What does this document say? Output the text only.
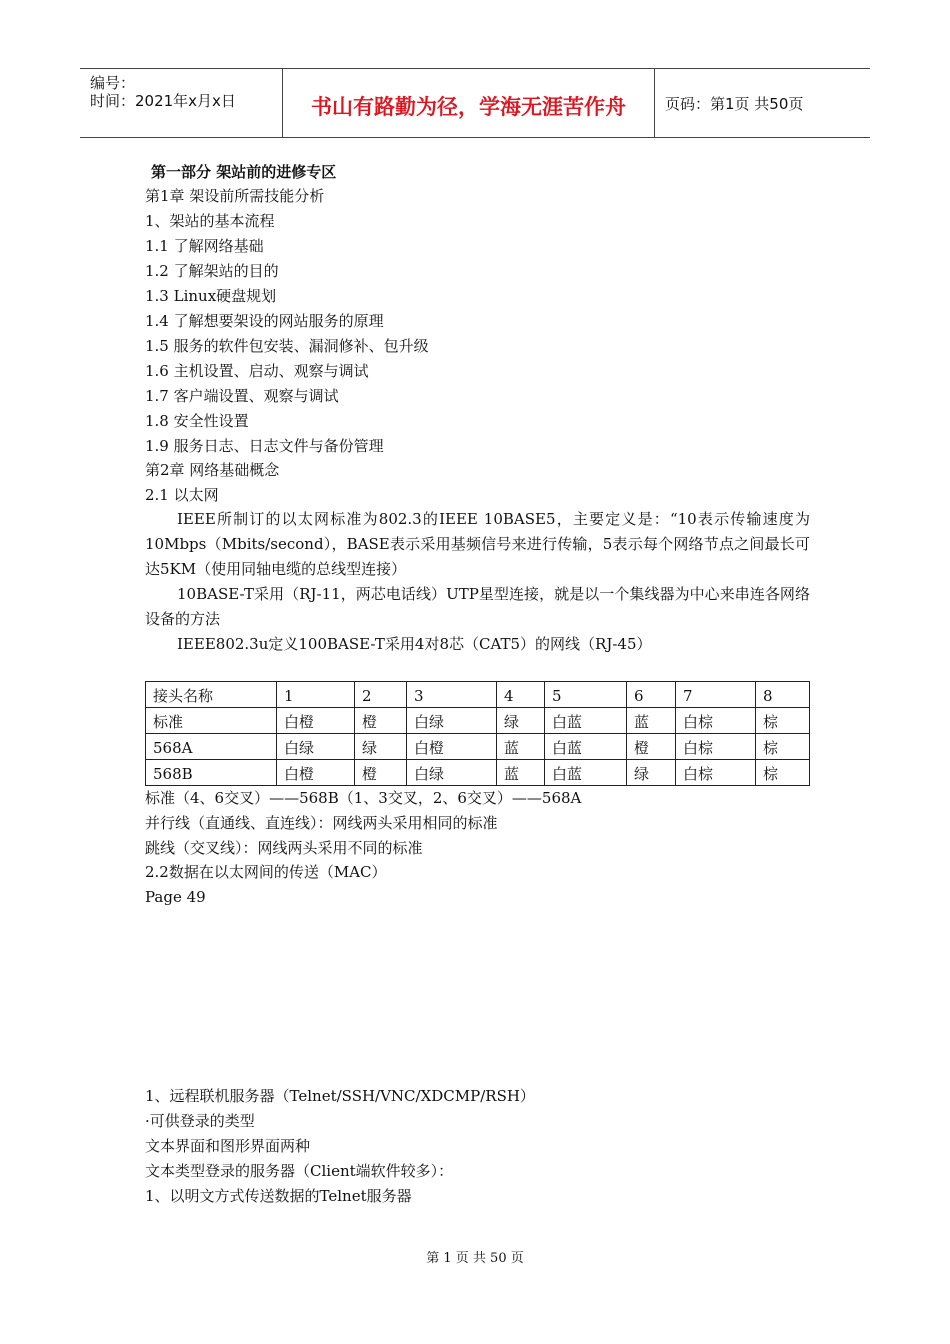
编号：
时间：2021年x月x日	书山有路勤为径，学海无涯苦作舟	页码：第1页 共50页
第一部分 架站前的进修专区
第1章 架设前所需技能分析
1、架站的基本流程
1.1 了解网络基础
1.2 了解架站的目的
1.3 Linux硬盘规划
1.4 了解想要架设的网站服务的原理
1.5 服务的软件包安装、漏洞修补、包升级
1.6 主机设置、启动、观察与调试
1.7 客户端设置、观察与调试
1.8 安全性设置
1.9 服务日志、日志文件与备份管理
第2章 网络基础概念
2.1 以太网
IEEE所制订的以太网标准为802.3的IEEE 10BASE5，主要定义是：“10表示传输速度为10Mbps（Mbits/second），BASE表示采用基频信号来进行传输，5表示每个网络节点之间最长可达5KM（使用同轴电缆的总线型连接）
10BASE-T采用（RJ-11，两芯电话线）UTP星型连接，就是以一个集线器为中心来串连各网络设备的方法
IEEE802.3u定义100BASE-T采用4对8芯（CAT5）的网线（RJ-45）
接头名称	1	2	3	4	5	6	7	8
标准	白橙	橙	白绿	绿	白蓝	蓝	白棕	棕
568A	白绿	绿	白橙	蓝	白蓝	橙	白棕	棕
568B	白橙	橙	白绿	蓝	白蓝	绿	白棕	棕
标准（4、6交叉）——568B（1、3交叉，2、6交叉）——568A
并行线（直通线、直连线）：网线两头采用相同的标准
跳线（交叉线）：网线两头采用不同的标准
2.2数据在以太网间的传送（MAC）
Page 49
1、远程联机服务器（Telnet/SSH/VNC/XDCMP/RSH）
·可供登录的类型
文本界面和图形界面两种
文本类型登录的服务器（Client端软件较多）：
1、以明文方式传送数据的Telnet服务器
第 1 页 共 50 页
